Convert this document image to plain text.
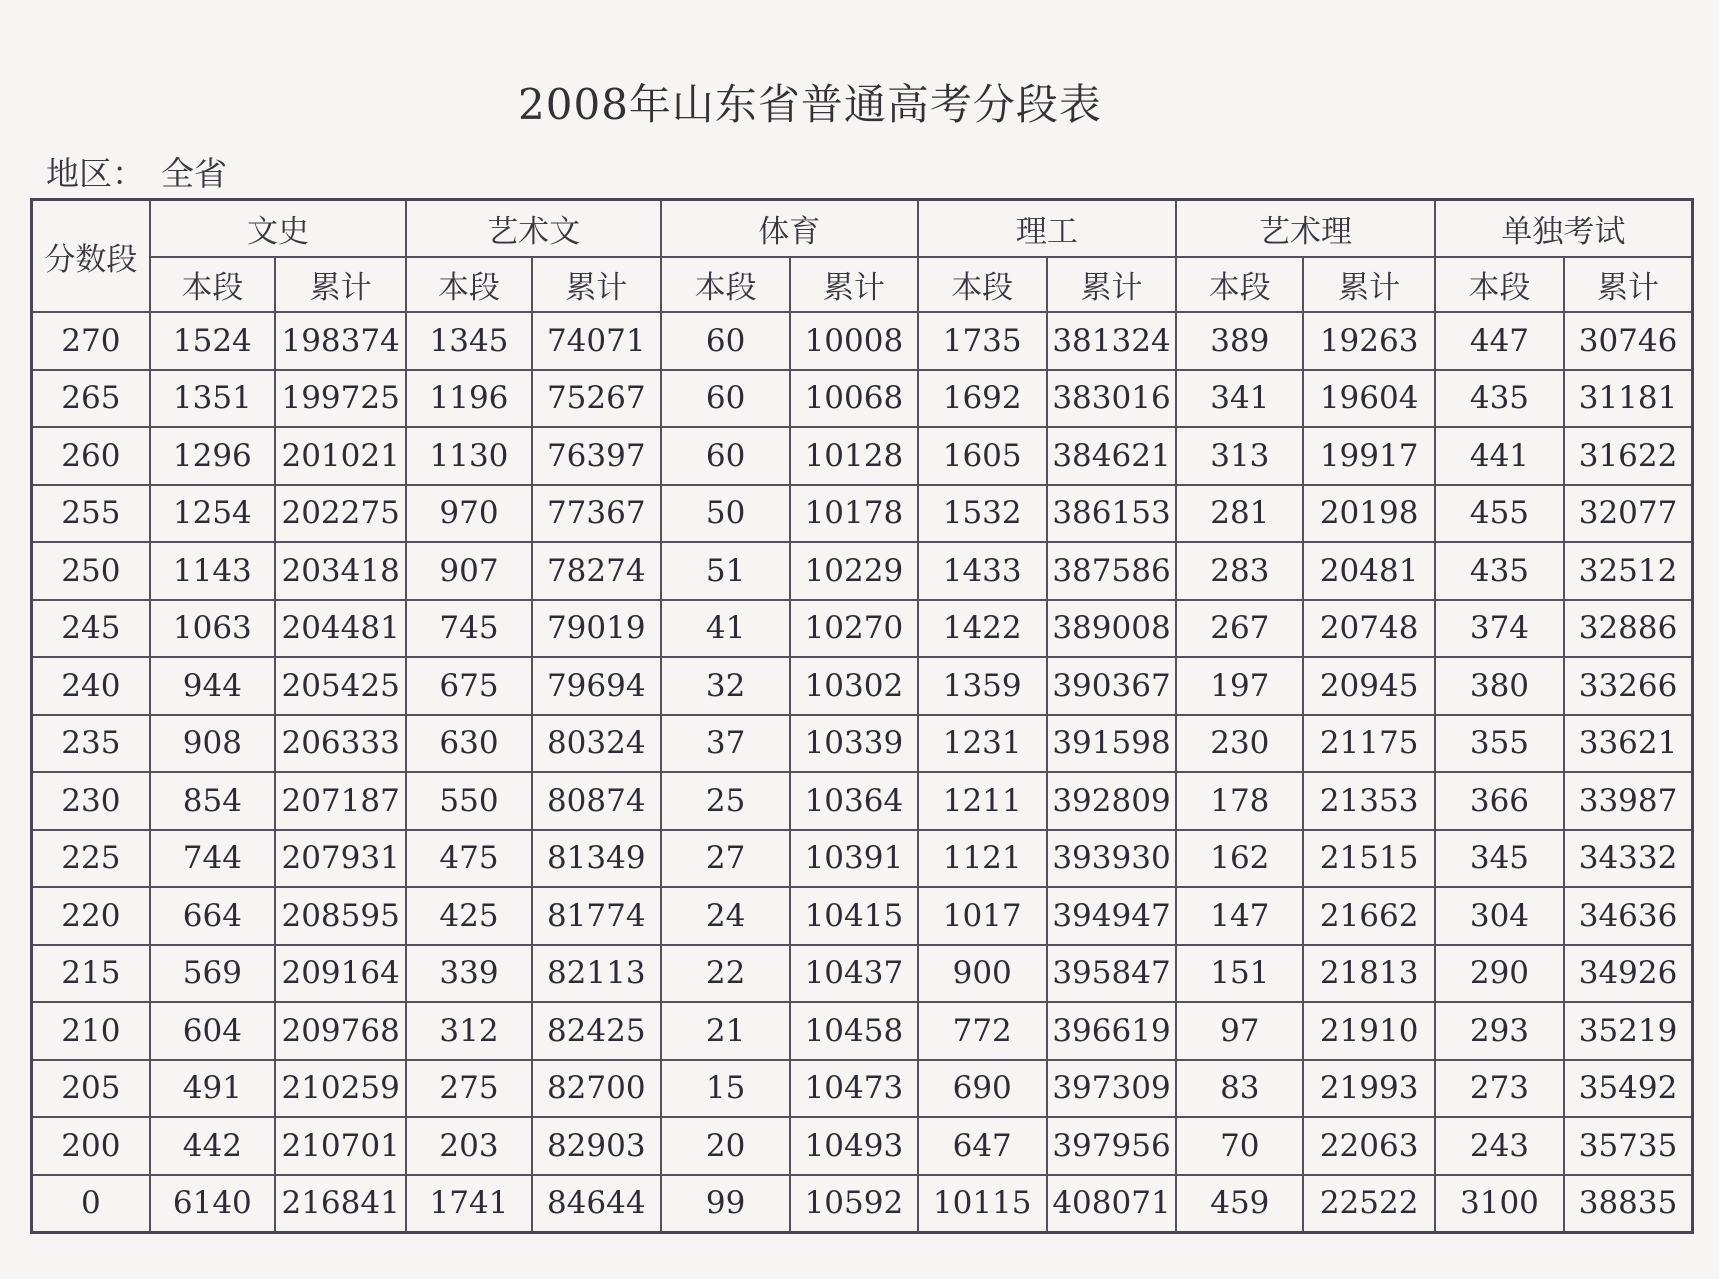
2008年山东省普通高考分段表
地区： 全省
分数段	文史		艺术文		体育		理工		艺术理		单独考试	
	本段	累计	本段	累计	本段	累计	本段	累计	本段	累计	本段	累计
270	1524	198374	1345	74071	60	10008	1735	381324	389	19263	447	30746
265	1351	199725	1196	75267	60	10068	1692	383016	341	19604	435	31181
260	1296	201021	1130	76397	60	10128	1605	384621	313	19917	441	31622
255	1254	202275	970	77367	50	10178	1532	386153	281	20198	455	32077
250	1143	203418	907	78274	51	10229	1433	387586	283	20481	435	32512
245	1063	204481	745	79019	41	10270	1422	389008	267	20748	374	32886
240	944	205425	675	79694	32	10302	1359	390367	197	20945	380	33266
235	908	206333	630	80324	37	10339	1231	391598	230	21175	355	33621
230	854	207187	550	80874	25	10364	1211	392809	178	21353	366	33987
225	744	207931	475	81349	27	10391	1121	393930	162	21515	345	34332
220	664	208595	425	81774	24	10415	1017	394947	147	21662	304	34636
215	569	209164	339	82113	22	10437	900	395847	151	21813	290	34926
210	604	209768	312	82425	21	10458	772	396619	97	21910	293	35219
205	491	210259	275	82700	15	10473	690	397309	83	21993	273	35492
200	442	210701	203	82903	20	10493	647	397956	70	22063	243	35735
0	6140	216841	1741	84644	99	10592	10115	408071	459	22522	3100	38835
